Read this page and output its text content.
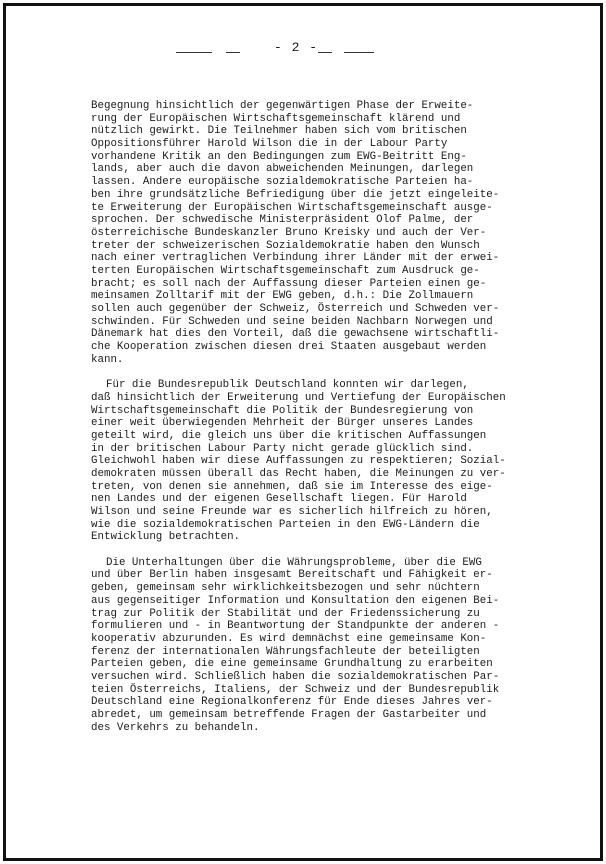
- 2 -
Begegnung hinsichtlich der gegenwärtigen Phase der Erweite-
rung der Europäischen Wirtschaftsgemeinschaft klärend und
nützlich gewirkt. Die Teilnehmer haben sich vom britischen
Oppositionsführer Harold Wilson die in der Labour Party
vorhandene Kritik an den Bedingungen zum EWG-Beitritt Eng-
lands, aber auch die davon abweichenden Meinungen, darlegen
lassen. Andere europäische sozialdemokratische Parteien ha-
ben ihre grundsätzliche Befriedigung über die jetzt eingeleite-
te Erweiterung der Europäischen Wirtschaftsgemeinschaft ausge-
sprochen. Der schwedische Ministerpräsident Olof Palme, der
österreichische Bundeskanzler Bruno Kreisky und auch der Ver-
treter der schweizerischen Sozialdemokratie haben den Wunsch
nach einer vertraglichen Verbindung ihrer Länder mit der erwei-
terten Europäischen Wirtschaftsgemeinschaft zum Ausdruck ge-
bracht; es soll nach der Auffassung dieser Parteien einen ge-
meinsamen Zolltarif mit der EWG geben, d.h.: Die Zollmauern
sollen auch gegenüber der Schweiz, Österreich und Schweden ver-
schwinden. Für Schweden und seine beiden Nachbarn Norwegen und
Dänemark hat dies den Vorteil, daß die gewachsene wirtschaftli-
che Kooperation zwischen diesen drei Staaten ausgebaut werden
kann.
Für die Bundesrepublik Deutschland konnten wir darlegen,
daß hinsichtlich der Erweiterung und Vertiefung der Europäischen
Wirtschaftsgemeinschaft die Politik der Bundesregierung von
einer weit überwiegenden Mehrheit der Bürger unseres Landes
geteilt wird, die gleich uns über die kritischen Auffassungen
in der britischen Labour Party nicht gerade glücklich sind.
Gleichwohl haben wir diese Auffassungen zu respektieren; Sozial-
demokraten müssen überall das Recht haben, die Meinungen zu ver-
treten, von denen sie annehmen, daß sie im Interesse des eige-
nen Landes und der eigenen Gesellschaft liegen. Für Harold
Wilson und seine Freunde war es sicherlich hilfreich zu hören,
wie die sozialdemokratischen Parteien in den EWG-Ländern die
Entwicklung betrachten.
Die Unterhaltungen über die Währungsprobleme, über die EWG
und über Berlin haben insgesamt Bereitschaft und Fähigkeit er-
geben, gemeinsam sehr wirklichkeitsbezogen und sehr nüchtern
aus gegenseitiger Information und Konsultation den eigenen Bei-
trag zur Politik der Stabilität und der Friedenssicherung zu
formulieren und - in Beantwortung der Standpunkte der anderen -
kooperativ abzurunden. Es wird demnächst eine gemeinsame Kon-
ferenz der internationalen Währungsfachleute der beteiligten
Parteien geben, die eine gemeinsame Grundhaltung zu erarbeiten
versuchen wird. Schließlich haben die sozialdemokratischen Par-
teien Österreichs, Italiens, der Schweiz und der Bundesrepublik
Deutschland eine Regionalkonferenz für Ende dieses Jahres ver-
abredet, um gemeinsam betreffende Fragen der Gastarbeiter und
des Verkehrs zu behandeln.
